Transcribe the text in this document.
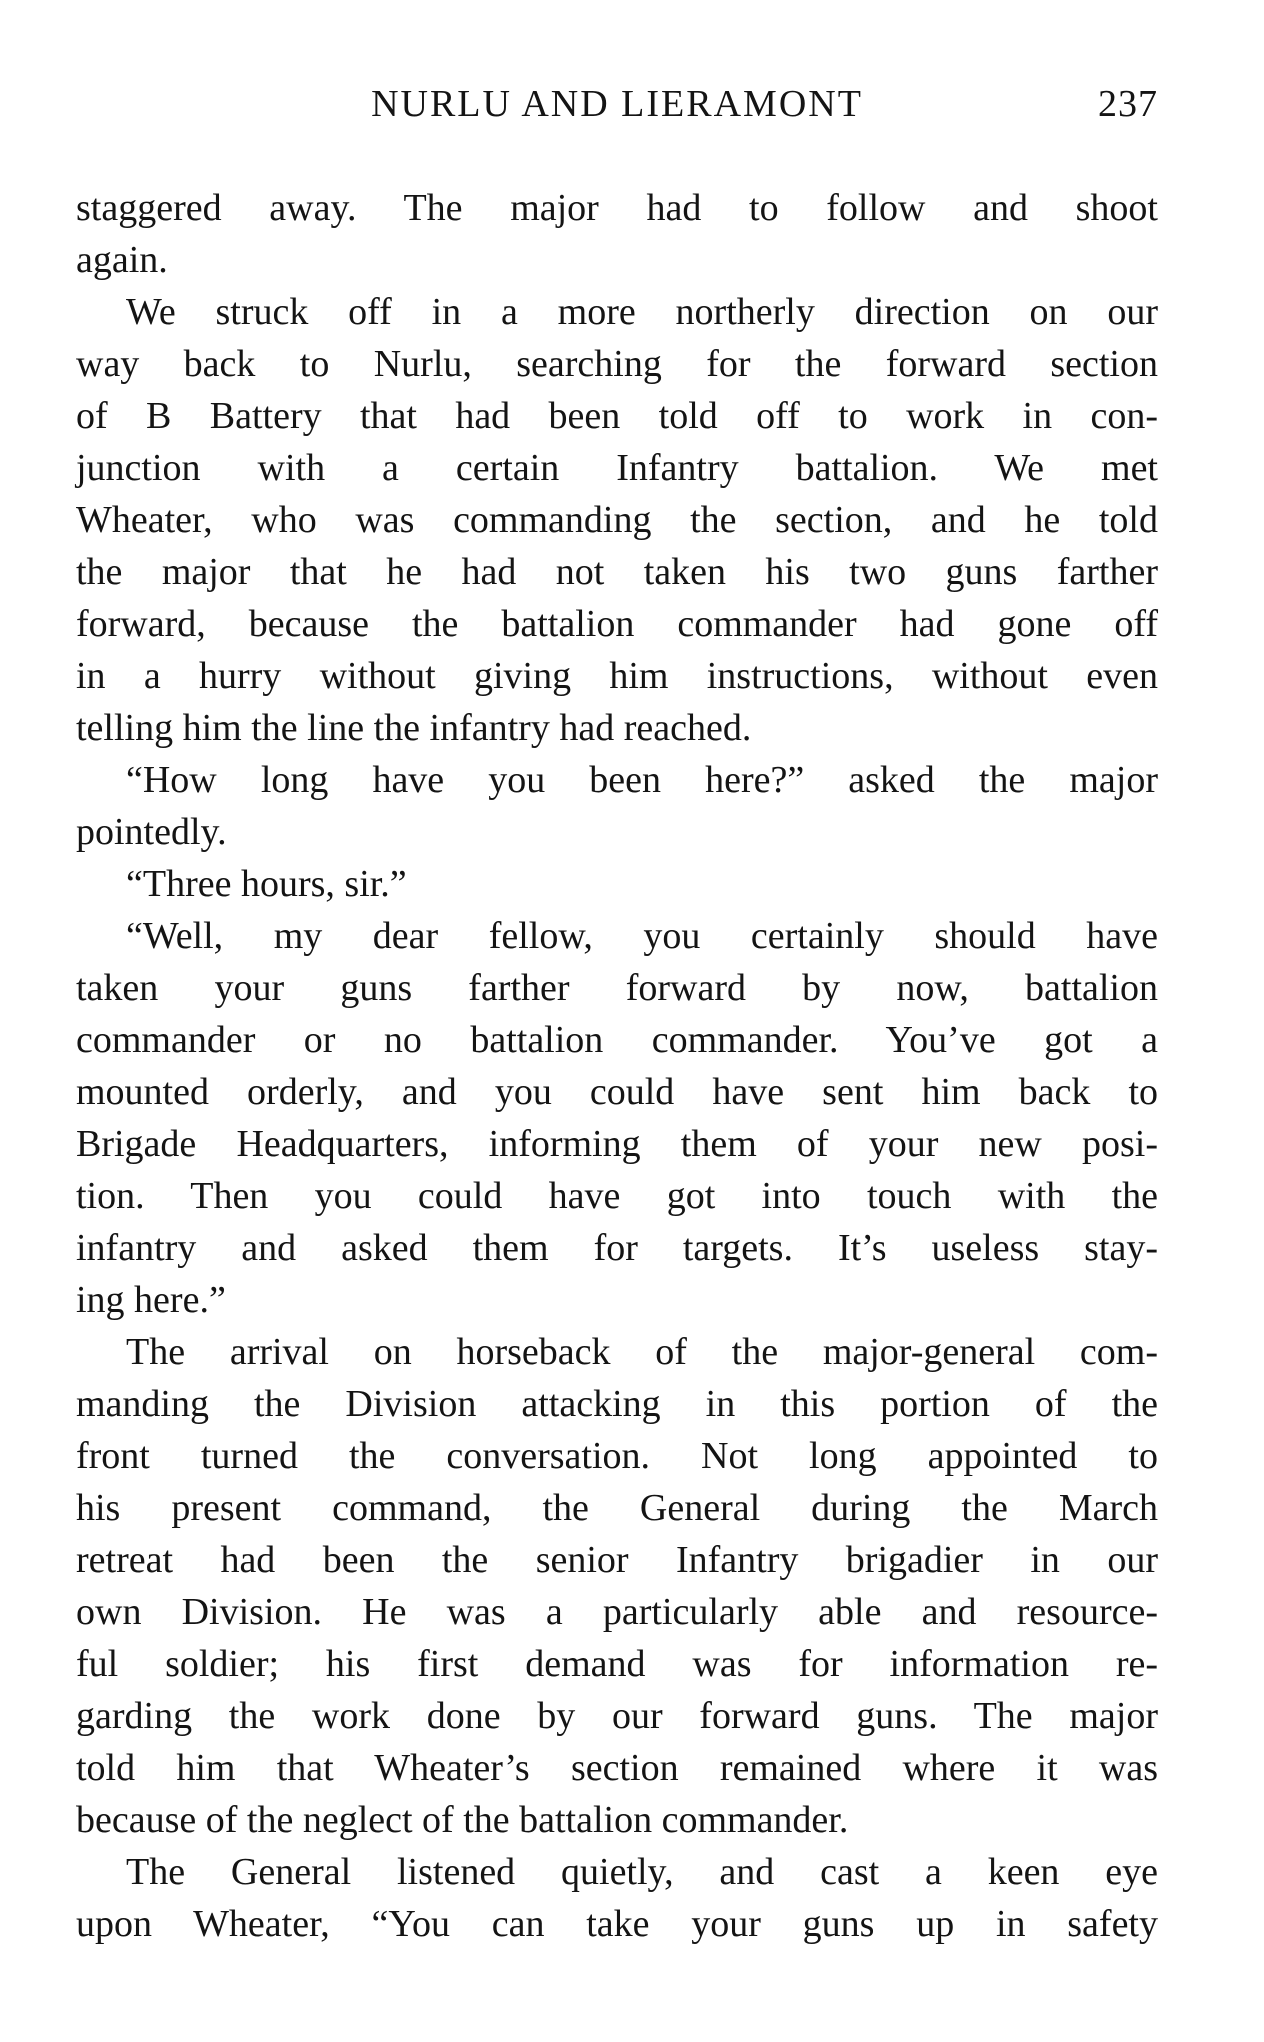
NURLU AND LIERAMONT	237
staggered away. The major had to follow and shoot
again.
We struck off in a more northerly direction on our
way back to Nurlu, searching for the forward section
of B Battery that had been told off to work in con-
junction with a certain Infantry battalion. We met
Wheater, who was commanding the section, and he told
the major that he had not taken his two guns farther
forward, because the battalion commander had gone off
in a hurry without giving him instructions, without even
telling him the line the infantry had reached.
“How long have you been here?” asked the major
pointedly.
“Three hours, sir.”
“Well, my dear fellow, you certainly should have
taken your guns farther forward by now, battalion
commander or no battalion commander. You’ve got a
mounted orderly, and you could have sent him back to
Brigade Headquarters, informing them of your new posi-
tion. Then you could have got into touch with the
infantry and asked them for targets. It’s useless stay-
ing here.”
The arrival on horseback of the major-general com-
manding the Division attacking in this portion of the
front turned the conversation. Not long appointed to
his present command, the General during the March
retreat had been the senior Infantry brigadier in our
own Division. He was a particularly able and resource-
ful soldier; his first demand was for information re-
garding the work done by our forward guns. The major
told him that Wheater’s section remained where it was
because of the neglect of the battalion commander.
The General listened quietly, and cast a keen eye
upon Wheater, “You can take your guns up in safety
